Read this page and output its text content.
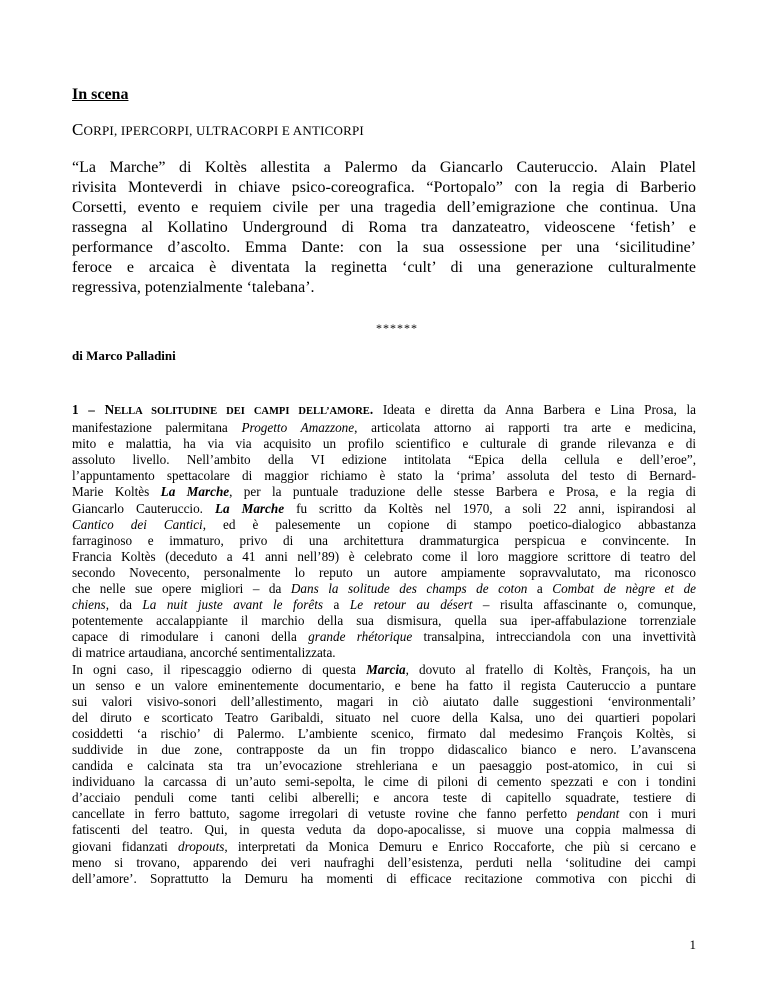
In scena
CORPI, IPERCORPI, ULTRACORPI E ANTICORPI

“La Marche” di Koltès allestita a Palermo da Giancarlo Cauteruccio. Alain Platel
rivisita Monteverdi in chiave psico-coreografica. “Portopalo” con la regia di Barberio
Corsetti, evento e requiem civile per una tragedia dell’emigrazione che continua. Una
rassegna al Kollatino Underground di Roma tra danzateatro, videoscene ‘fetish’ e
performance d’ascolto. Emma Dante: con la sua ossessione per una ‘sicilitudine’
feroce e arcaica è diventata la reginetta ‘cult’ di una generazione culturalmente
regressiva, potenzialmente ‘talebana’.

******
di Marco Palladini
1 – NELLA SOLITUDINE DEI CAMPI DELL’AMORE. Ideata e diretta da Anna Barbera e Lina Prosa, la
manifestazione palermitana Progetto Amazzone, articolata attorno ai rapporti tra arte e medicina,
mito e malattia, ha via via acquisito un profilo scientifico e culturale di grande rilevanza e di
assoluto livello. Nell’ambito della VI edizione intitolata “Epica della cellula e dell’eroe”,
l’appuntamento spettacolare di maggior richiamo è stato la ‘prima’ assoluta del testo di Bernard-
Marie Koltès La Marche, per la puntuale traduzione delle stesse Barbera e Prosa, e la regia di
Giancarlo Cauteruccio. La Marche fu scritto da Koltès nel 1970, a soli 22 anni, ispirandosi al
Cantico dei Cantici, ed è palesemente un copione di stampo poetico-dialogico abbastanza
farraginoso e immaturo, privo di una architettura drammaturgica perspicua e convincente. In
Francia Koltès (deceduto a 41 anni nell’89) è celebrato come il loro maggiore scrittore di teatro del
secondo Novecento, personalmente lo reputo un autore ampiamente sopravvalutato, ma riconosco
che nelle sue opere migliori – da Dans la solitude des champs de coton a Combat de nègre et de
chiens, da La nuit juste avant le forêts a Le retour au désert – risulta affascinante o, comunque,
potentemente accalappiante il marchio della sua dismisura, quella sua iper-affabulazione torrenziale
capace di rimodulare i canoni della grande rhétorique transalpina, intrecciandola con una invettività
di matrice artaudiana, ancorché sentimentalizzata.
In ogni caso, il ripescaggio odierno di questa Marcia, dovuto al fratello di Koltès, François, ha un
un senso e un valore eminentemente documentario, e bene ha fatto il regista Cauteruccio a puntare
sui valori visivo-sonori dell’allestimento, magari in ciò aiutato dalle suggestioni ‘environmentali’
del diruto e scorticato Teatro Garibaldi, situato nel cuore della Kalsa, uno dei quartieri popolari
cosiddetti ‘a rischio’ di Palermo. L’ambiente scenico, firmato dal medesimo François Koltès, si
suddivide in due zone, contrapposte da un fin troppo didascalico bianco e nero. L’avanscena
candida e calcinata sta tra un’evocazione strehleriana e un paesaggio post-atomico, in cui si
individuano la carcassa di un’auto semi-sepolta, le cime di piloni di cemento spezzati e con i tondini
d’acciaio penduli come tanti celibi alberelli; e ancora teste di capitello squadrate, testiere di
cancellate in ferro battuto, sagome irregolari di vetuste rovine che fanno perfetto pendant con i muri
fatiscenti del teatro. Qui, in questa veduta da dopo-apocalisse, si muove una coppia malmessa di
giovani fidanzati dropouts, interpretati da Monica Demuru e Enrico Roccaforte, che più si cercano e
meno si trovano, apparendo dei veri naufraghi dell’esistenza, perduti nella ‘solitudine dei campi
dell’amore’. Soprattutto la Demuru ha momenti di efficace recitazione commotiva con picchi di
1
